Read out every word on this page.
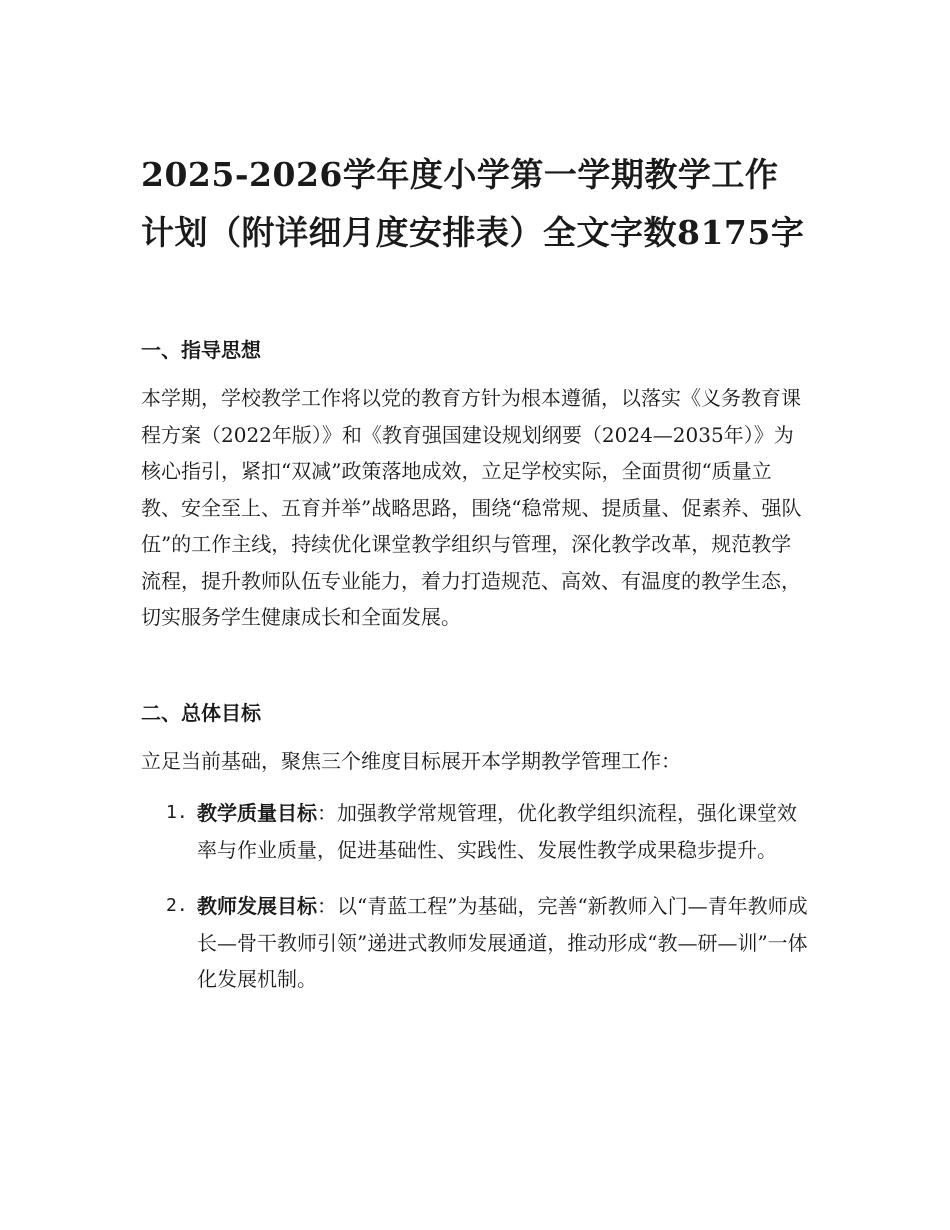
2025-2026学年度小学第一学期教学工作计划（附详细月度安排表）全文字数8175字
一、指导思想

本学期，学校教学工作将以党的教育方针为根本遵循，以落实《义务教育课程方案（2022年版）》和《教育强国建设规划纲要（2024—2035年）》为核心指引，紧扣“双减”政策落地成效，立足学校实际，全面贯彻“质量立教、安全至上、五育并举”战略思路，围绕“稳常规、提质量、促素养、强队伍”的工作主线，持续优化课堂教学组织与管理，深化教学改革，规范教学流程，提升教师队伍专业能力，着力打造规范、高效、有温度的教学生态，切实服务学生健康成长和全面发展。

二、总体目标

立足当前基础，聚焦三个维度目标展开本学期教学管理工作：

1. 教学质量目标：加强教学常规管理，优化教学组织流程，强化课堂效率与作业质量，促进基础性、实践性、发展性教学成果稳步提升。
2. 教师发展目标：以“青蓝工程”为基础，完善“新教师入门—青年教师成长—骨干教师引领”递进式教师发展通道，推动形成“教—研—训”一体化发展机制。
